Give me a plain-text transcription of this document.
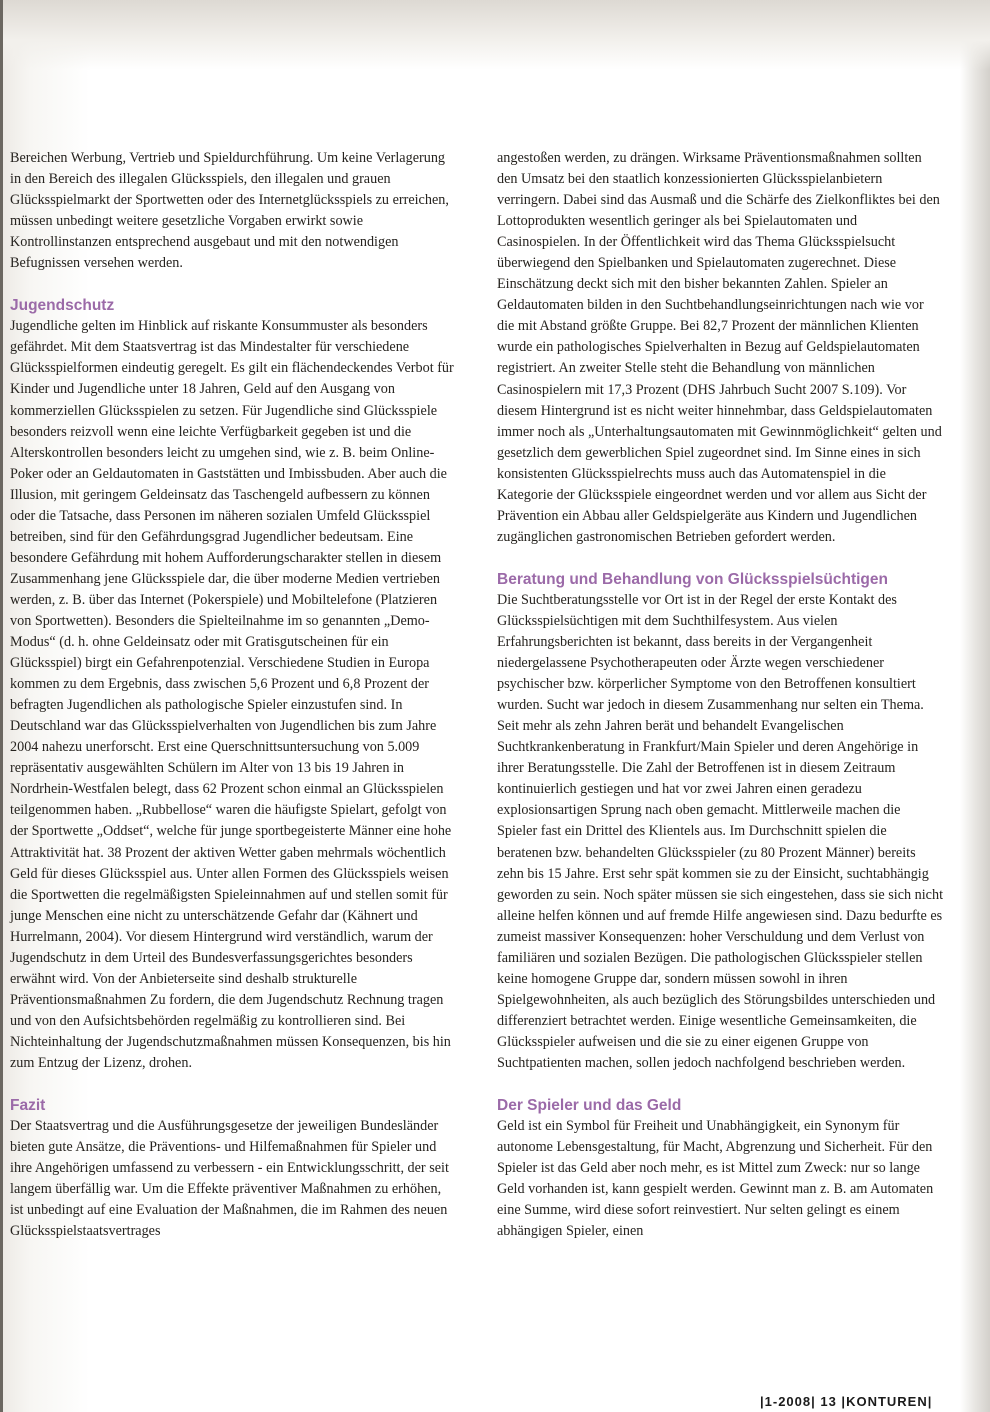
Bereichen Werbung, Vertrieb und Spieldurchführung. Um keine Verlagerung in den Bereich des illegalen Glücksspiels, den illegalen und grauen Glücksspielmarkt der Sportwetten oder des Internetglücksspiels zu erreichen, müssen unbedingt weitere gesetzliche Vorgaben erwirkt sowie Kontrollinstanzen entsprechend ausgebaut und mit den notwendigen Befugnissen versehen werden.

Jugendschutz

Jugendliche gelten im Hinblick auf riskante Konsummuster als besonders gefährdet. Mit dem Staatsvertrag ist das Mindestalter für verschiedene Glücksspielformen eindeutig geregelt. Es gilt ein flächendeckendes Verbot für Kinder und Jugendliche unter 18 Jahren, Geld auf den Ausgang von kommerziellen Glücksspielen zu setzen. Für Jugendliche sind Glücksspiele besonders reizvoll wenn eine leichte Verfügbarkeit gegeben ist und die Alterskontrollen besonders leicht zu umgehen sind, wie z. B. beim Online-Poker oder an Geldautomaten in Gaststätten und Imbissbuden. Aber auch die Illusion, mit geringem Geldeinsatz das Taschengeld aufbessern zu können oder die Tatsache, dass Personen im näheren sozialen Umfeld Glücksspiel betreiben, sind für den Gefährdungsgrad Jugendlicher bedeutsam. Eine besondere Gefährdung mit hohem Aufforderungscharakter stellen in diesem Zusammenhang jene Glücksspiele dar, die über moderne Medien vertrieben werden, z. B. über das Internet (Pokerspiele) und Mobiltelefone (Platzieren von Sportwetten). Besonders die Spielteilnahme im so genannten „Demo-Modus“ (d. h. ohne Geldeinsatz oder mit Gratisgutscheinen für ein Glücksspiel) birgt ein Gefahrenpotenzial. Verschiedene Studien in Europa kommen zu dem Ergebnis, dass zwischen 5,6 Prozent und 6,8 Prozent der befragten Jugendlichen als pathologische Spieler einzustufen sind. In Deutschland war das Glücksspielverhalten von Jugendlichen bis zum Jahre 2004 nahezu unerforscht. Erst eine Querschnittsuntersuchung von 5.009 repräsentativ ausgewählten Schülern im Alter von 13 bis 19 Jahren in Nordrhein-Westfalen belegt, dass 62 Prozent schon einmal an Glücksspielen teilgenommen haben. „Rubbellose“ waren die häufigste Spielart, gefolgt von der Sportwette „Oddset“, welche für junge sportbegeisterte Männer eine hohe Attraktivität hat. 38 Prozent der aktiven Wetter gaben mehrmals wöchentlich Geld für dieses Glücksspiel aus. Unter allen Formen des Glücksspiels weisen die Sportwetten die regelmäßigsten Spieleinnahmen auf und stellen somit für junge Menschen eine nicht zu unterschätzende Gefahr dar (Kähnert und Hurrelmann, 2004). Vor diesem Hintergrund wird verständlich, warum der Jugendschutz in dem Urteil des Bundesverfassungsgerichtes besonders erwähnt wird. Von der Anbieterseite sind deshalb strukturelle Präventionsmaßnahmen Zu fordern, die dem Jugendschutz Rechnung tragen und von den Aufsichtsbehörden regelmäßig zu kontrollieren sind. Bei Nichteinhaltung der Jugendschutzmaßnahmen müssen Konsequenzen, bis hin zum Entzug der Lizenz, drohen.

Fazit

Der Staatsvertrag und die Ausführungsgesetze der jeweiligen Bundesländer bieten gute Ansätze, die Präventions- und Hilfemaßnahmen für Spieler und ihre Angehörigen umfassend zu verbessern - ein Entwicklungsschritt, der seit langem überfällig war. Um die Effekte präventiver Maßnahmen zu erhöhen, ist unbedingt auf eine Evaluation der Maßnahmen, die im Rahmen des neuen Glücksspielstaatsvertrages

angestoßen werden, zu drängen. Wirksame Präventionsmaßnahmen sollten den Umsatz bei den staatlich konzessionierten Glücksspielanbietern verringern. Dabei sind das Ausmaß und die Schärfe des Zielkonfliktes bei den Lottoprodukten wesentlich geringer als bei Spielautomaten und Casinospielen. In der Öffentlichkeit wird das Thema Glücksspielsucht überwiegend den Spielbanken und Spielautomaten zugerechnet. Diese Einschätzung deckt sich mit den bisher bekannten Zahlen. Spieler an Geldautomaten bilden in den Suchtbehandlungseinrichtungen nach wie vor die mit Abstand größte Gruppe. Bei 82,7 Prozent der männlichen Klienten wurde ein pathologisches Spielverhalten in Bezug auf Geldspielautomaten registriert. An zweiter Stelle steht die Behandlung von männlichen Casinospielern mit 17,3 Prozent (DHS Jahrbuch Sucht 2007 S.109). Vor diesem Hintergrund ist es nicht weiter hinnehmbar, dass Geldspielautomaten immer noch als „Unterhaltungsautomaten mit Gewinnmöglichkeit“ gelten und gesetzlich dem gewerblichen Spiel zugeordnet sind. Im Sinne eines in sich konsistenten Glücksspielrechts muss auch das Automatenspiel in die Kategorie der Glücksspiele eingeordnet werden und vor allem aus Sicht der Prävention ein Abbau aller Geldspielgeräte aus Kindern und Jugendlichen zugänglichen gastronomischen Betrieben gefordert werden.

Beratung und Behandlung von Glücksspielsüchtigen

Die Suchtberatungsstelle vor Ort ist in der Regel der erste Kontakt des Glücksspielsüchtigen mit dem Suchthilfesystem. Aus vielen Erfahrungsberichten ist bekannt, dass bereits in der Vergangenheit niedergelassene Psychotherapeuten oder Ärzte wegen verschiedener psychischer bzw. körperlicher Symptome von den Betroffenen konsultiert wurden. Sucht war jedoch in diesem Zusammenhang nur selten ein Thema. Seit mehr als zehn Jahren berät und behandelt Evangelischen Suchtkrankenberatung in Frankfurt/Main Spieler und deren Angehörige in ihrer Beratungsstelle. Die Zahl der Betroffenen ist in diesem Zeitraum kontinuierlich gestiegen und hat vor zwei Jahren einen geradezu explosionsartigen Sprung nach oben gemacht. Mittlerweile machen die Spieler fast ein Drittel des Klientels aus. Im Durchschnitt spielen die beratenen bzw. behandelten Glücksspieler (zu 80 Prozent Männer) bereits zehn bis 15 Jahre. Erst sehr spät kommen sie zu der Einsicht, suchtabhängig geworden zu sein. Noch später müssen sie sich eingestehen, dass sie sich nicht alleine helfen können und auf fremde Hilfe angewiesen sind. Dazu bedurfte es zumeist massiver Konsequenzen: hoher Verschuldung und dem Verlust von familiären und sozialen Bezügen. Die pathologischen Glücksspieler stellen keine homogene Gruppe dar, sondern müssen sowohl in ihren Spielgewohnheiten, als auch bezüglich des Störungsbildes unterschieden und differenziert betrachtet werden. Einige wesentliche Gemeinsamkeiten, die Glücksspieler aufweisen und die sie zu einer eigenen Gruppe von Suchtpatienten machen, sollen jedoch nachfolgend beschrieben werden.

Der Spieler und das Geld

Geld ist ein Symbol für Freiheit und Unabhängigkeit, ein Synonym für autonome Lebensgestaltung, für Macht, Abgrenzung und Sicherheit. Für den Spieler ist das Geld aber noch mehr, es ist Mittel zum Zweck: nur so lange Geld vorhanden ist, kann gespielt werden. Gewinnt man z. B. am Automaten eine Summe, wird diese sofort reinvestiert. Nur selten gelingt es einem abhängigen Spieler, einen

|1-2008| 13 |KONTUREN|
